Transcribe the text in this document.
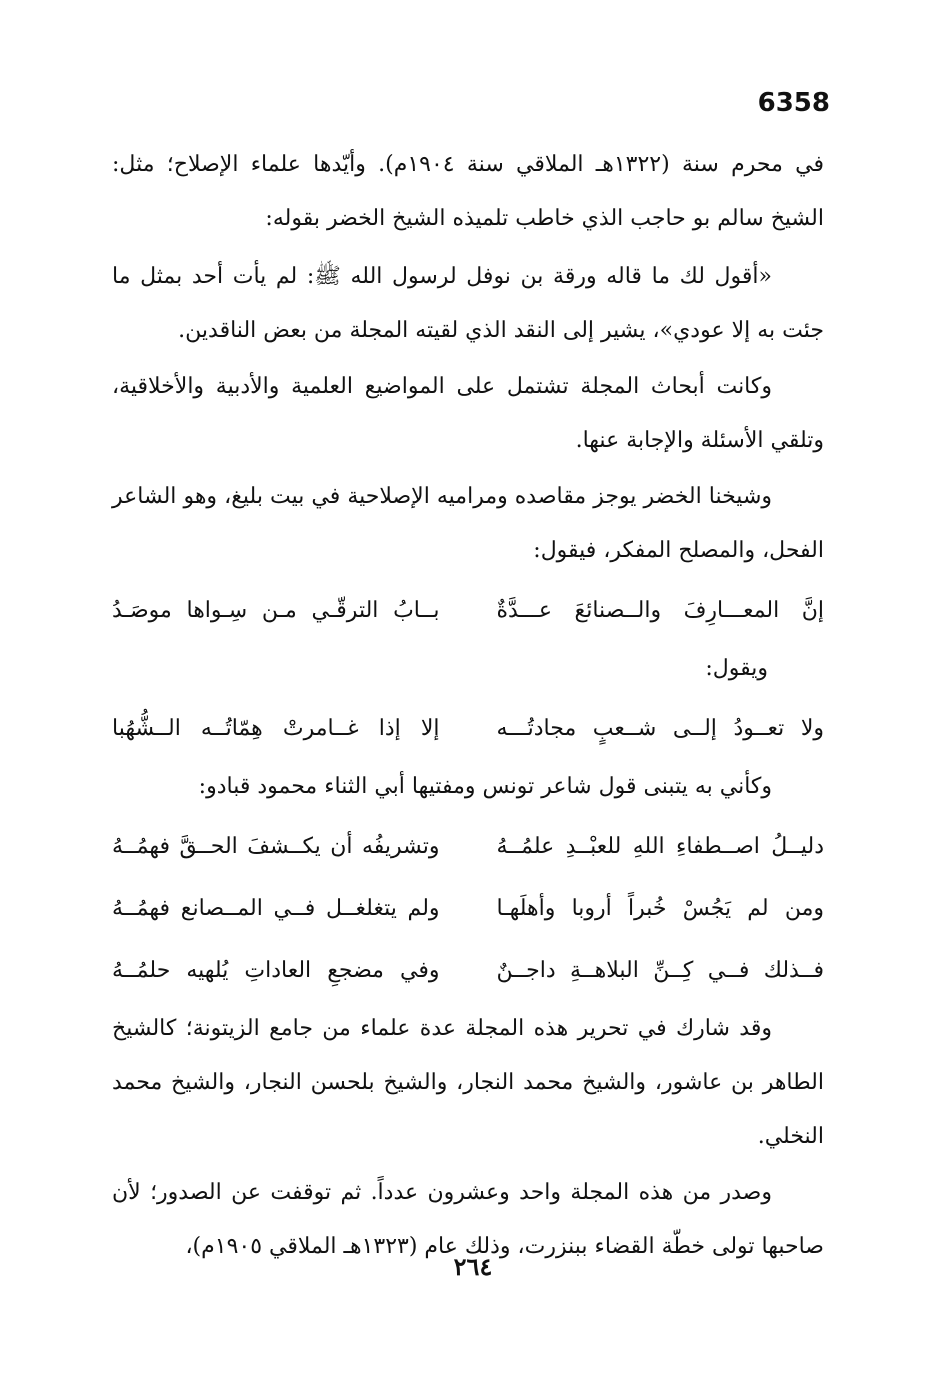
6358

في محرم سنة (١٣٢٢هـ الملاقي سنة ١٩٠٤م). وأيّدها علماء الإصلاح؛ مثل: الشيخ سالم بو حاجب الذي خاطب تلميذه الشيخ الخضر بقوله:

«أقول لك ما قاله ورقة بن نوفل لرسول الله ﷺ: لم يأت أحد بمثل ما جئت به إلا عودي»، يشير إلى النقد الذي لقيته المجلة من بعض الناقدين.

وكانت أبحاث المجلة تشتمل على المواضيع العلمية والأدبية والأخلاقية، وتلقي الأسئلة والإجابة عنها.

وشيخنا الخضر يوجز مقاصده ومراميه الإصلاحية في بيت بليغ، وهو الشاعر الفحل، والمصلح المفكر، فيقول:

إنَّ المعـــارِفَ والــصنائعَ عـــدَّةٌ
بــابُ الترقّـي مـن سِـواها موصَـدُ

ويقول:

ولا تعــودُ إلــى شــعبٍ مجادتُـــه
إلا إذا غــامرتْ هِمّاتُــه الــشُّهُبا

وكأني به يتبنى قول شاعر تونس ومفتيها أبي الثناء محمود قبادو:

دليــلُ اصــطفاءِ اللهِ للعبْــدِ علمُــهُ
وتشريفُه أن يكــشفَ الحــقَّ فهمُــهُ
ومن لم يَجُسْ خُبراً أروبا وأهلَهـا
ولم يتغلغــل فــي المــصانع فهمُــهُ
فــذلك فــي كِــنِّ البلاهــةِ داجــنٌ
وفي مضجعِ العاداتِ يُلهيه حلمُــهُ

وقد شارك في تحرير هذه المجلة عدة علماء من جامع الزيتونة؛ كالشيخ الطاهر بن عاشور، والشيخ محمد النجار، والشيخ بلحسن النجار، والشيخ محمد النخلي.

وصدر من هذه المجلة واحد وعشرون عدداً. ثم توقفت عن الصدور؛ لأن صاحبها تولى خطّة القضاء ببنزرت، وذلك عام (١٣٢٣هـ الملاقي ١٩٠٥م)،

٢٦٤
